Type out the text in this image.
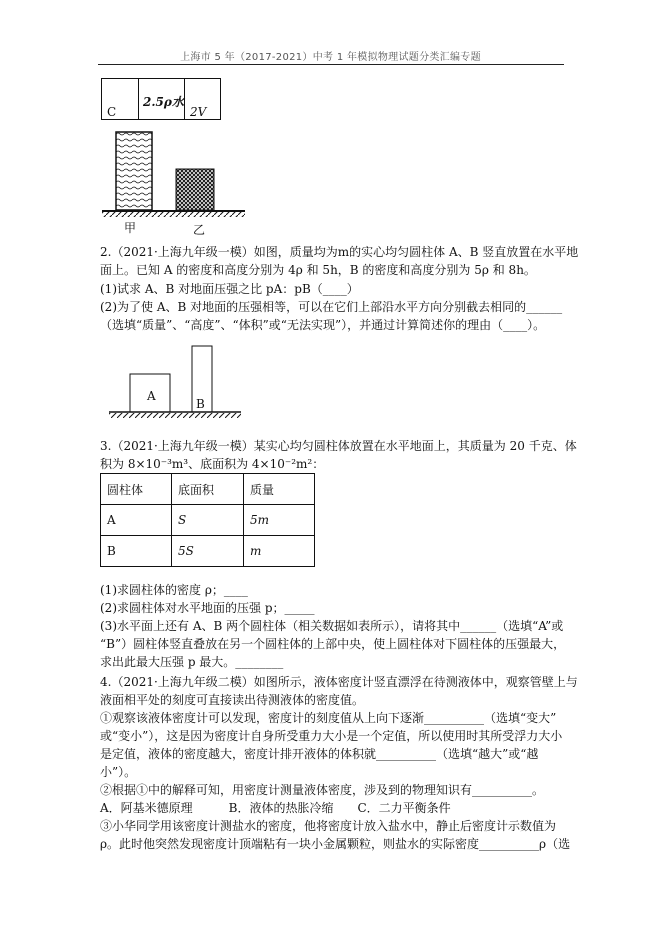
上海市 5 年（2017-2021）中考 1 年模拟物理试题分类汇编专题
C
2.5ρ水
2V
甲	乙
2.（2021·上海九年级一模）如图，质量均为m的实心均匀圆柱体 A、B 竖直放置在水平地
面上。已知 A 的密度和高度分别为 4ρ 和 5h，B 的密度和高度分别为 5ρ 和 8h。
(1)试求 A、B 对地面压强之比 pA：pB（____）
(2)为了使 A、B 对地面的压强相等，可以在它们上部沿水平方向分别截去相同的______
（选填“质量”、“高度”、“体积”或“无法实现”），并通过计算简述你的理由（____）。
A
B
3.（2021·上海九年级一模）某实心均匀圆柱体放置在水平地面上，其质量为 20 千克、体
积为 8×10⁻³m³、底面积为 4×10⁻²m²：
圆柱体	底面积	质量
A	S	5m
B	5S	m
(1)求圆柱体的密度 ρ；____
(2)求圆柱体对水平地面的压强 p；_____
(3)水平面上还有 A、B 两个圆柱体（相关数据如表所示），请将其中______（选填“A”或
“B”）圆柱体竖直叠放在另一个圆柱体的上部中央，使上圆柱体对下圆柱体的压强最大，
求出此最大压强 p 最大。________
4.（2021·上海九年级二模）如图所示，液体密度计竖直漂浮在待测液体中，观察管壁上与
液面相平处的刻度可直接读出待测液体的密度值。
①观察该液体密度计可以发现，密度计的刻度值从上向下逐渐__________（选填“变大”
或“变小”），这是因为密度计自身所受重力大小是一个定值，所以使用时其所受浮力大小
是定值，液体的密度越大，密度计排开液体的体积就__________（选填“越大”或“越
小”）。
②根据①中的解释可知，用密度计测量液体密度，涉及到的物理知识有__________。
A．阿基米德原理　　　B．液体的热胀冷缩　　C．二力平衡条件
③小华同学用该密度计测盐水的密度，他将密度计放入盐水中，静止后密度计示数值为
ρ。此时他突然发现密度计顶端粘有一块小金属颗粒，则盐水的实际密度__________ρ（选
